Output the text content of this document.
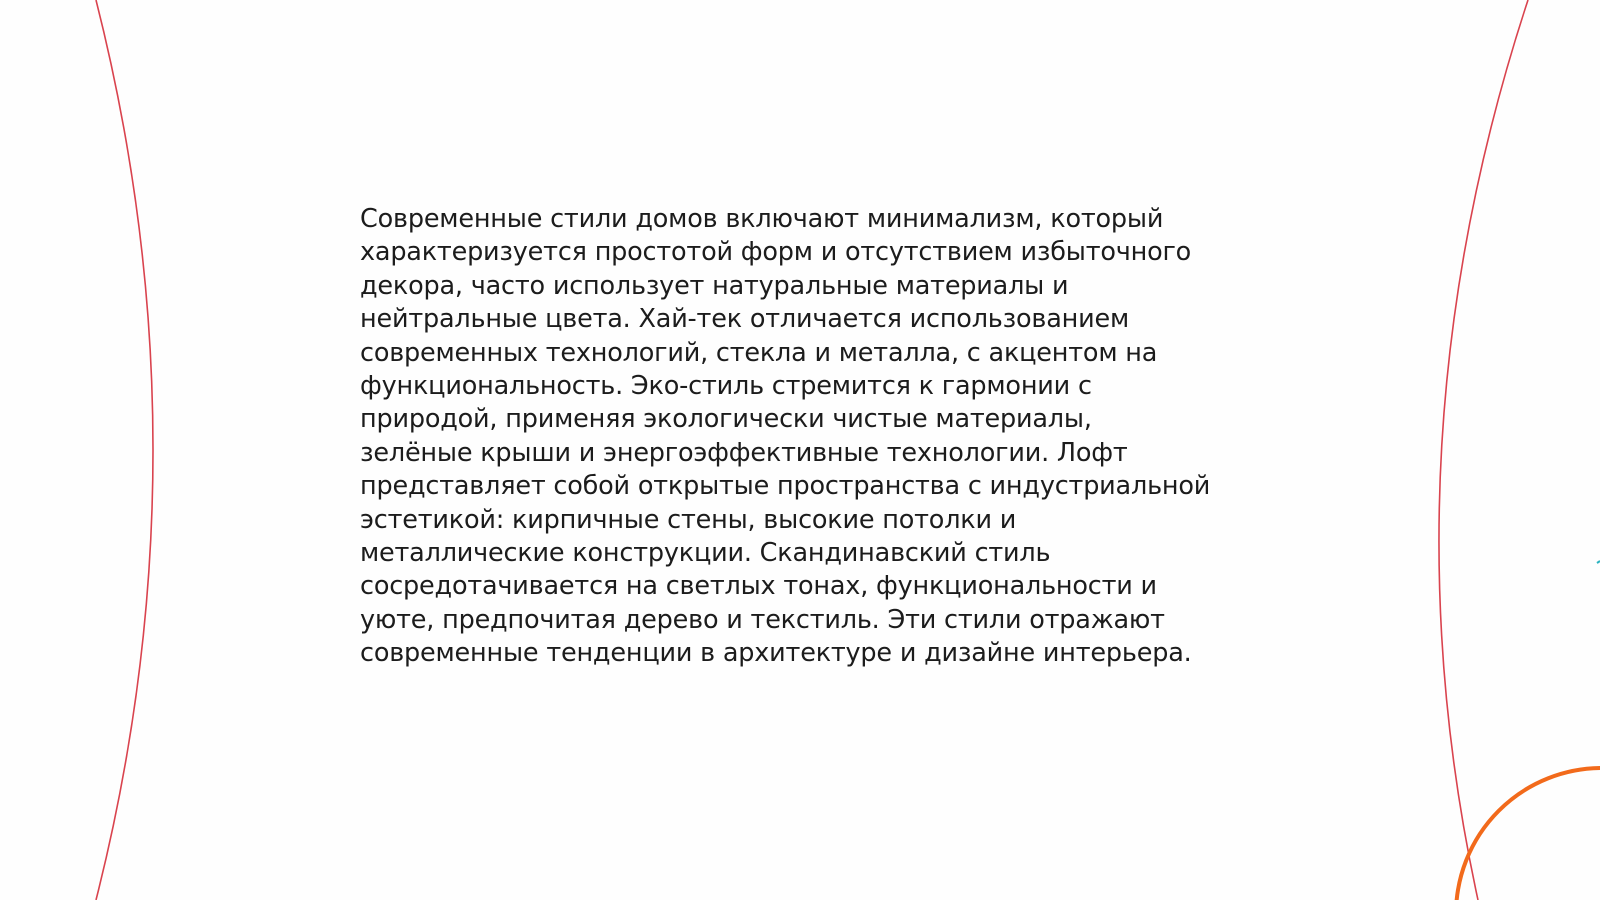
Современные стили домов включают минимализм, который
характеризуется простотой форм и отсутствием избыточного
декора, часто использует натуральные материалы и
нейтральные цвета. Хай-тек отличается использованием
современных технологий, стекла и металла, с акцентом на
функциональность. Эко-стиль стремится к гармонии с
природой, применяя экологически чистые материалы,
зелёные крыши и энергоэффективные технологии. Лофт
представляет собой открытые пространства с индустриальной
эстетикой: кирпичные стены, высокие потолки и
металлические конструкции. Скандинавский стиль
сосредотачивается на светлых тонах, функциональности и
уюте, предпочитая дерево и текстиль. Эти стили отражают
современные тенденции в архитектуре и дизайне интерьера.
